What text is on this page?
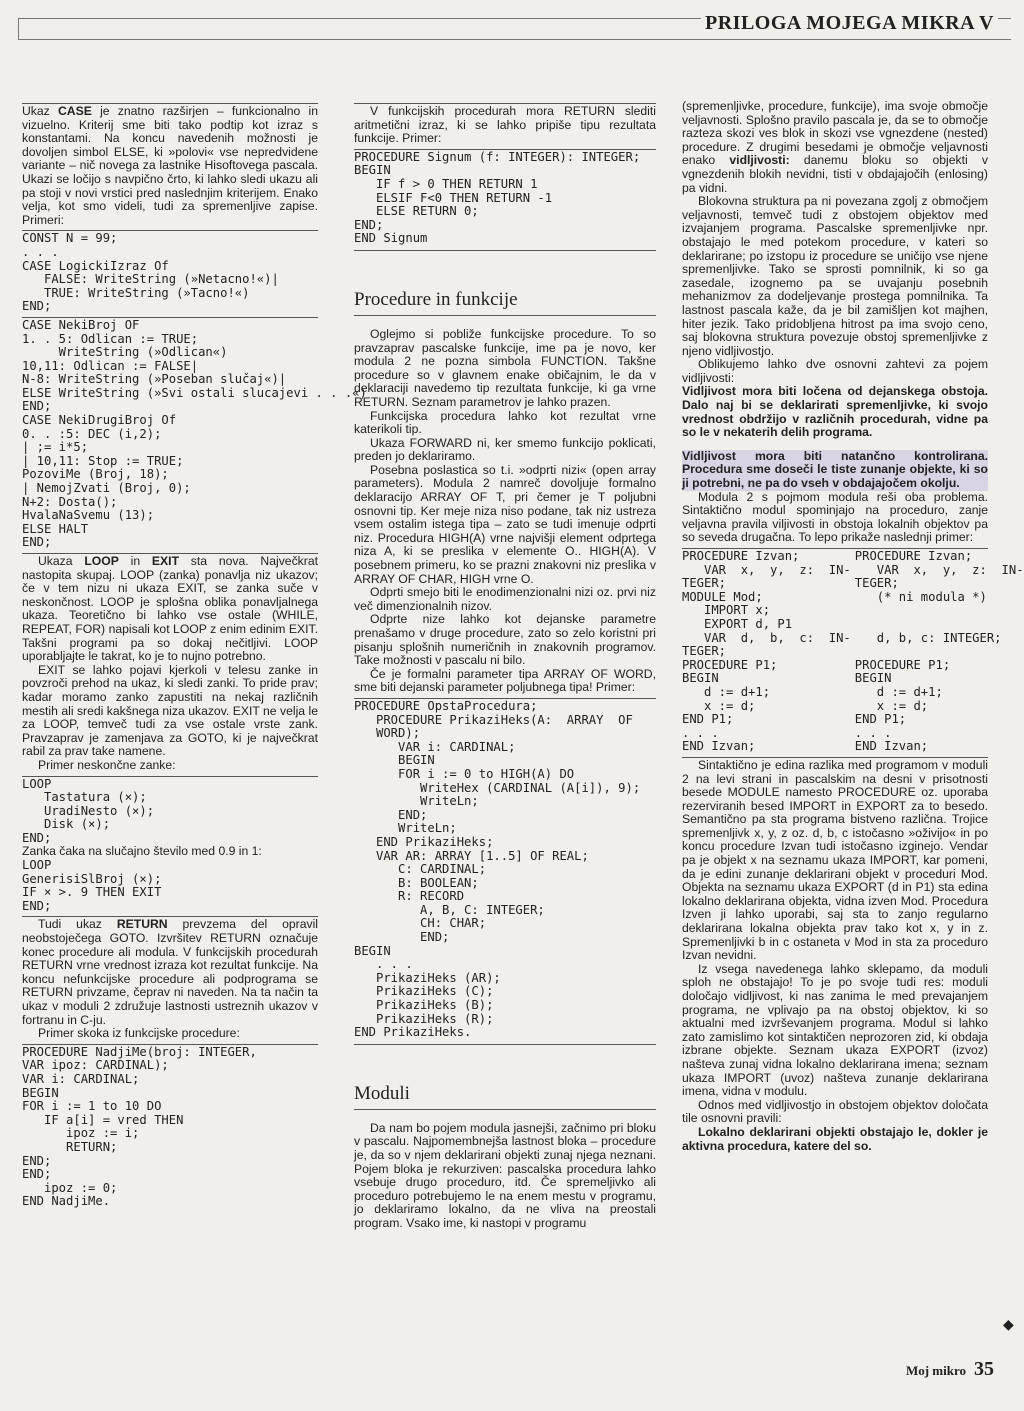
PRILOGA MOJEGA MIKRA V

Ukaz CASE je znatno razširjen – funkcionalno in vizuelno. Kriterij sme biti tako podtip kot izraz s konstantami. Na koncu navedenih možnosti je dovoljen simbol ELSE, ki »polovi« vse nepredvidene variante – nič novega za lastnike Hisoftovega pascala. Ukazi se ločijo s navpično črto, ki lahko sledi ukazu ali pa stoji v novi vrstici pred naslednjim kriterijem. Enako velja, kot smo videli, tudi za spremenljive zapise. Primeri:

CONST N = 99;
. . .
CASE LogickiIzraz Of
FALSE: WriteString (»Netacno!«)|
TRUE: WriteString (»Tacno!«)
END;
CASE NekiBroj OF
1. . 5: Odlican := TRUE;
WriteString (»Odlican«)
10,11: Odlican := FALSE|
N-8: WriteString (»Poseban slučaj«)|
ELSE WriteString (»Svi ostali slucajevi . . .«)
END;
CASE NekiDrugiBroj Of
0. . :5: DEC (i,2);
| ;= i*5;
| 10,11: Stop := TRUE;
PozoviMe (Broj, 18);
| NemojZvati (Broj, 0);
N+2: Dosta();
HvalaNaSvemu (13);
ELSE HALT
END;

Ukaza LOOP in EXIT sta nova. Največkrat nastopita skupaj. LOOP (zanka) ponavlja niz ukazov; če v tem nizu ni ukaza EXIT, se zanka suče v neskončnost. LOOP je splošna oblika ponavljalnega ukaza. Teoretično bi lahko vse ostale (WHILE, REPEAT, FOR) napisali kot LOOP z enim edinim EXIT. Takšni programi pa so dokaj nečitljivi. LOOP uporabljajte le takrat, ko je to nujno potrebno.

EXIT se lahko pojavi kjerkoli v telesu zanke in povzroči prehod na ukaz, ki sledi zanki. To pride prav; kadar moramo zanko zapustiti na nekaj različnih mestih ali sredi kakšnega niza ukazov. EXIT ne velja le za LOOP, temveč tudi za vse ostale vrste zank. Pravzaprav je zamenjava za GOTO, ki je največkrat rabil za prav take namene.

Primer neskončne zanke:

LOOP
Tastatura (×);
UradiNesto (×);
Disk (×);
END;

Zanka čaka na slučajno število med 0.9 in 1:

LOOP
GenerisiSlBroj (×);
IF × >. 9 THEN EXIT
END;

Tudi ukaz RETURN prevzema del opravil neobstoječega GOTO. Izvršitev RETURN označuje konec procedure ali modula. V funkcijskih procedurah RETURN vrne vrednost izraza kot rezultat funkcije. Na koncu nefunkcijske procedure ali podprograma se RETURN privzame, čeprav ni naveden. Na ta način ta ukaz v moduli 2 združuje lastnosti ustreznih ukazov v fortranu in C-ju.

Primer skoka iz funkcijske procedure:

PROCEDURE NadjiMe(broj: INTEGER,
VAR ipoz: CARDINAL);
VAR i: CARDINAL;
BEGIN
FOR i := 1 to 10 DO
IF a[i] = vred THEN
ipoz := i;
RETURN;
END;
END;
ipoz := 0;
END NadjiMe.

V funkcijskih procedurah mora RETURN slediti aritmetični izraz, ki se lahko pripiše tipu rezultata funkcije. Primer:

PROCEDURE Signum (f: INTEGER): INTEGER;
BEGIN
IF f > 0 THEN RETURN 1
ELSIF F<0 THEN RETURN -1
ELSE RETURN 0;
END;
END Signum
Procedure in funkcije

Oglejmo si pobliže funkcijske procedure. To so pravzaprav pascalske funkcije, ime pa je novo, ker modula 2 ne pozna simbola FUNCTION. Takšne procedure so v glavnem enake običajnim, le da v deklaraciji navedemo tip rezultata funkcije, ki ga vrne RETURN. Seznam parametrov je lahko prazen.

Funkcijska procedura lahko kot rezultat vrne katerikoli tip.

Ukaza FORWARD ni, ker smemo funkcijo poklicati, preden jo deklariramo.

Posebna poslastica so t.i. »odprti nizi« (open array parameters). Modula 2 namreč dovoljuje formalno deklaracijo ARRAY OF T, pri čemer je T poljubni osnovni tip. Ker meje niza niso podane, tak niz ustreza vsem ostalim istega tipa – zato se tudi imenuje odprti niz. Procedura HIGH(A) vrne najvišji element odprtega niza A, ki se preslika v elemente O.. HIGH(A). V posebnem primeru, ko se prazni znakovni niz preslika v ARRAY OF CHAR, HIGH vrne O.

Odprti smejo biti le enodimenzionalni nizi oz. prvi niz več dimenzionalnih nizov.

Odprte nize lahko kot dejanske parametre prenašamo v druge procedure, zato so zelo koristni pri pisanju splošnih numeričnih in znakovnih programov. Take možnosti v pascalu ni bilo.

Če je formalni parameter tipa ARRAY OF WORD, sme biti dejanski parameter poljubnega tipa! Primer:

PROCEDURE OpstaProcedura;
PROCEDURE PrikaziHeks(A:  ARRAY  OF
WORD);
VAR i: CARDINAL;
BEGIN
FOR i := 0 to HIGH(A) DO
WriteHex (CARDINAL (A[i]), 9);
WriteLn;
END;
WriteLn;
END PrikaziHeks;
VAR AR: ARRAY [1..5] OF REAL;
C: CARDINAL;
B: BOOLEAN;
R: RECORD
A, B, C: INTEGER;
CH: CHAR;
END;
BEGIN
. . .
PrikaziHeks (AR);
PrikaziHeks (C);
PrikaziHeks (B);
PrikaziHeks (R);
END PrikaziHeks.
Moduli

Da nam bo pojem modula jasnejši, začnimo pri bloku v pascalu. Najpomembnejša lastnost bloka – procedure je, da so v njem deklarirani objekti zunaj njega neznani. Pojem bloka je rekurziven: pascalska procedura lahko vsebuje drugo proceduro, itd. Če spremeljivko ali proceduro potrebujemo le na enem mestu v programu, jo deklariramo lokalno, da ne vliva na preostali program. Vsako ime, ki nastopi v programu

(spremenljivke, procedure, funkcije), ima svoje območje veljavnosti. Splošno pravilo pascala je, da se to območje razteza skozi ves blok in skozi vse vgnezdene (nested) procedure. Z drugimi besedami je območje veljavnosti enako vidljivosti: danemu bloku so objekti v vgnezdenih blokih nevidni, tisti v obdajajočih (enlosing) pa vidni.

Blokovna struktura pa ni povezana zgolj z območjem veljavnosti, temveč tudi z obstojem objektov med izvajanjem programa. Pascalske spremenljivke npr. obstajajo le med potekom procedure, v kateri so deklarirane; po izstopu iz procedure se uničijo vse njene spremenljivke. Tako se sprosti pomnilnik, ki so ga zasedale, izognemo pa se uvajanju posebnih mehanizmov za dodeljevanje prostega pomnilnika. Ta lastnost pascala kaže, da je bil zamišljen kot majhen, hiter jezik. Tako pridobljena hitrost pa ima svojo ceno, saj blokovna struktura povezuje obstoj spremenljivke z njeno vidljivostjo.

Oblikujemo lahko dve osnovni zahtevi za pojem vidljivosti:

Vidljivost mora biti ločena od dejanskega obstoja. Dalo naj bi se deklarirati spremenljivke, ki svojo vrednost obdržijo v različnih procedurah, vidne pa so le v nekaterih delih programa.

Vidljivost mora biti natančno kontrolirana. Procedura sme doseči le tiste zunanje objekte, ki so ji potrebni, ne pa do vseh v obdajajočem okolju.

Modula 2 s pojmom modula reši oba problema. Sintaktično modul spominjajo na proceduro, zanje veljavna pravila viljivosti in obstoja lokalnih objektov pa so seveda drugačna. To lepo prikaže naslednji primer:

PROCEDURE Izvan;
VAR  x,  y,  z:  IN-
TEGER;
MODULE Mod;
IMPORT x;
EXPORT d, P1
VAR  d,  b,  c:  IN-
TEGER;
PROCEDURE P1;
BEGIN
d := d+1;
x := d;
END P1;
. . .
END Izvan;
PROCEDURE Izvan;
VAR  x,  y,  z:  IN-
TEGER;
(* ni modula *)

d, b, c: INTEGER;

PROCEDURE P1;
BEGIN
d := d+1;
x := d;
END P1;
. . .
END Izvan;

Sintaktično je edina razlika med programom v moduli 2 na levi strani in pascalskim na desni v prisotnosti besede MODULE namesto PROCEDURE oz. uporaba rezerviranih besed IMPORT in EXPORT za to besedo. Semantično pa sta programa bistveno različna. Trojice spremenljivk x, y, z oz. d, b, c istočasno »oživijo« in po koncu procedure Izvan tudi istočasno izginejo. Vendar pa je objekt x na seznamu ukaza IMPORT, kar pomeni, da je edini zunanje deklarirani objekt v proceduri Mod. Objekta na seznamu ukaza EXPORT (d in P1) sta edina lokalno deklarirana objekta, vidna izven Mod. Procedura Izven ji lahko uporabi, saj sta to zanjo regularno deklarirana lokalna objekta prav tako kot x, y in z. Spremenljivki b in c ostaneta v Mod in sta za proceduro Izvan nevidni.

Iz vsega navedenega lahko sklepamo, da moduli sploh ne obstajajo! To je po svoje tudi res: moduli določajo vidljivost, ki nas zanima le med prevajanjem programa, ne vplivajo pa na obstoj objektov, ki so aktualni med izvrševanjem programa. Modul si lahko zato zamislimo kot sintaktičen neprozoren zid, ki obdaja izbrane objekte. Seznam ukaza EXPORT (izvoz) našteva zunaj vidna lokalno deklarirana imena; seznam ukaza IMPORT (uvoz) našteva zunanje deklarirana imena, vidna v modulu.

Odnos med vidljivostjo in obstojem objektov določata tile osnovni pravili:

Lokalno deklarirani objekti obstajajo le, dokler je aktivna procedura, katere del so.

◆
Moj mikro 35
